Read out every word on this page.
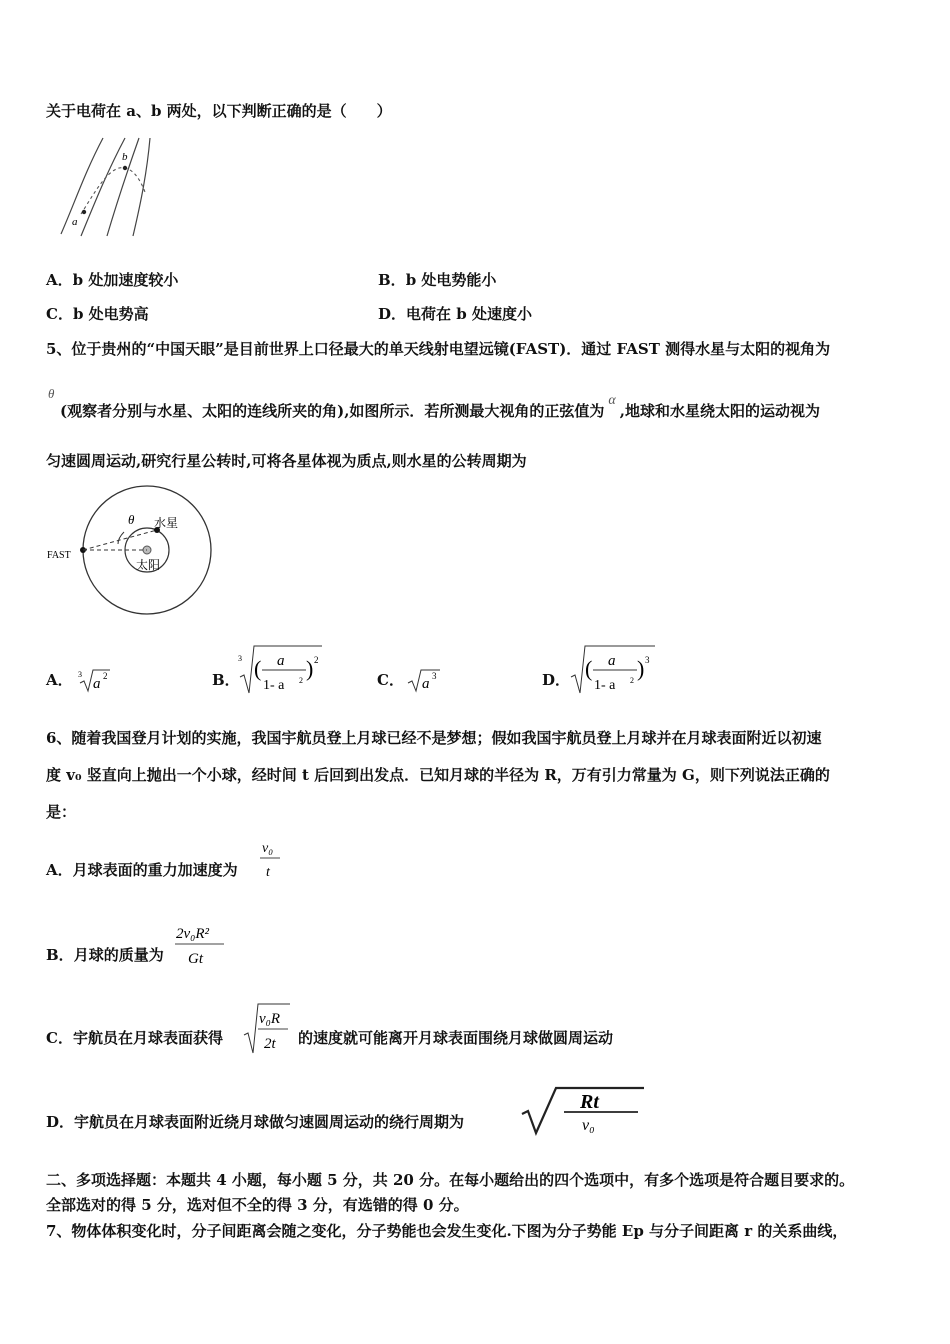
关于电荷在 a、b 两处，以下判断正确的是（　　）
a
b
A．b 处加速度较小	B．b 处电势能小
C．b 处电势高	D．电荷在 b 处速度小
5、位于贵州的“中国天眼”是目前世界上口径最大的单天线射电望远镜(FAST)．通过 FAST 测得水星与太阳的视角为
θ
(观察者分别与水星、太阳的连线所夹的角),如图所示．若所测最大视角的正弦值为α,地球和水星绕太阳的运动视为
匀速圆周运动,研究行星公转时,可将各星体视为质点,则水星的公转周期为
θ
FAST
水星
太阳
A． 3
a 2	B．
3 ( a
1- a 2 ) 2
C． a 3	D． ( a
1- a 2 ) 3
6、随着我国登月计划的实施，我国宇航员登上月球已经不是梦想；假如我国宇航员登上月球并在月球表面附近以初速
度 v₀ 竖直向上抛出一个小球，经时间 t 后回到出发点．已知月球的半径为 R，万有引力常量为 G，则下列说法正确的
是：
A．月球表面的重力加速度为
v₀
t
B．月球的质量为
2v₀R²
Gt
C．宇航员在月球表面获得
v₀R
2t 的速度就可能离开月球表面围绕月球做圆周运动
D．宇航员在月球表面附近绕月球做匀速圆周运动的绕行周期为
Rt
v₀
二、多项选择题：本题共 4 小题，每小题 5 分，共 20 分。在每小题给出的四个选项中，有多个选项是符合题目要求的。
全部选对的得 5 分，选对但不全的得 3 分，有选错的得 0 分。
7、物体体积变化时，分子间距离会随之变化，分子势能也会发生变化.下图为分子势能 Ep 与分子间距离 r 的关系曲线，
